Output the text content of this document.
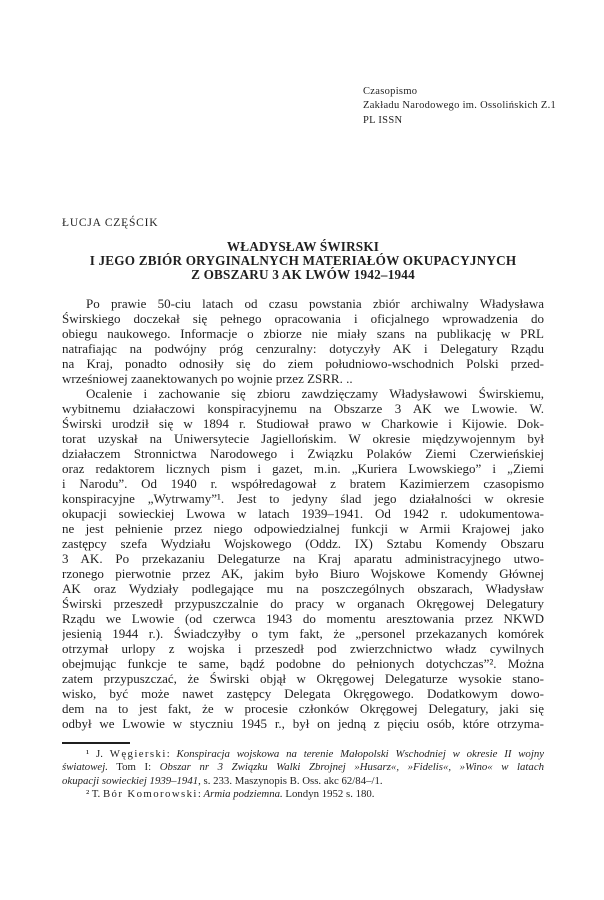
Czasopismo
Zakładu Narodowego im. Ossolińskich Z.1
PL ISSN
ŁUCJA CZĘŚCIK
WŁADYSŁAW ŚWIRSKI
I JEGO ZBIÓR ORYGINALNYCH MATERIAŁÓW OKUPACYJNYCH
Z OBSZARU 3 AK LWÓW 1942–1944
Po prawie 50-ciu latach od czasu powstania zbiór archiwalny Władysława
Świrskiego doczekał się pełnego opracowania i oficjalnego wprowadzenia do
obiegu naukowego. Informacje o zbiorze nie miały szans na publikację w PRL
natrafiając na podwójny próg cenzuralny: dotyczyły AK i Delegatury Rządu
na Kraj, ponadto odnosiły się do ziem południowo-wschodnich Polski przed-
wrześniowej zaanektowanych po wojnie przez ZSRR. ..
Ocalenie i zachowanie się zbioru zawdzięczamy Władysławowi Świrskiemu,
wybitnemu działaczowi konspiracyjnemu na Obszarze 3 AK we Lwowie. W.
Świrski urodził się w 1894 r. Studiował prawo w Charkowie i Kijowie. Dok-
torat uzyskał na Uniwersytecie Jagiellońskim. W okresie międzywojennym był
działaczem Stronnictwa Narodowego i Związku Polaków Ziemi Czerwieńskiej
oraz redaktorem licznych pism i gazet, m.in. „Kuriera Lwowskiego” i „Ziemi
i Narodu”. Od 1940 r. współredagował z bratem Kazimierzem czasopismo
konspiracyjne „Wytrwamy”¹. Jest to jedyny ślad jego działalności w okresie
okupacji sowieckiej Lwowa w latach 1939–1941. Od 1942 r. udokumentowa-
ne jest pełnienie przez niego odpowiedzialnej funkcji w Armii Krajowej jako
zastępcy szefa Wydziału Wojskowego (Oddz. IX) Sztabu Komendy Obszaru
3 AK. Po przekazaniu Delegaturze na Kraj aparatu administracyjnego utwo-
rzonego pierwotnie przez AK, jakim było Biuro Wojskowe Komendy Głównej
AK oraz Wydziały podlegające mu na poszczególnych obszarach, Władysław
Świrski przeszedł przypuszczalnie do pracy w organach Okręgowej Delegatury
Rządu we Lwowie (od czerwca 1943 do momentu aresztowania przez NKWD
jesienią 1944 r.). Świadczyłby o tym fakt, że „personel przekazanych komórek
otrzymał urlopy z wojska i przeszedł pod zwierzchnictwo władz cywilnych
obejmując funkcje te same, bądź podobne do pełnionych dotychczas”². Można
zatem przypuszczać, że Świrski objął w Okręgowej Delegaturze wysokie stano-
wisko, być może nawet zastępcy Delegata Okręgowego. Dodatkowym dowo-
dem na to jest fakt, że w procesie członków Okręgowej Delegatury, jaki się
odbył we Lwowie w styczniu 1945 r., był on jedną z pięciu osób, które otrzyma-
¹ J. Węgierski: Konspiracja wojskowa na terenie Małopolski Wschodniej w okresie II wojny
światowej. Tom I: Obszar nr 3 Związku Walki Zbrojnej »Husarz«, »Fidelis«, »Wino« w latach
okupacji sowieckiej 1939–1941, s. 233. Maszynopis B. Oss. akc 62/84–/1.
² T. Bór Komorowski: Armia podziemna. Londyn 1952 s. 180.
